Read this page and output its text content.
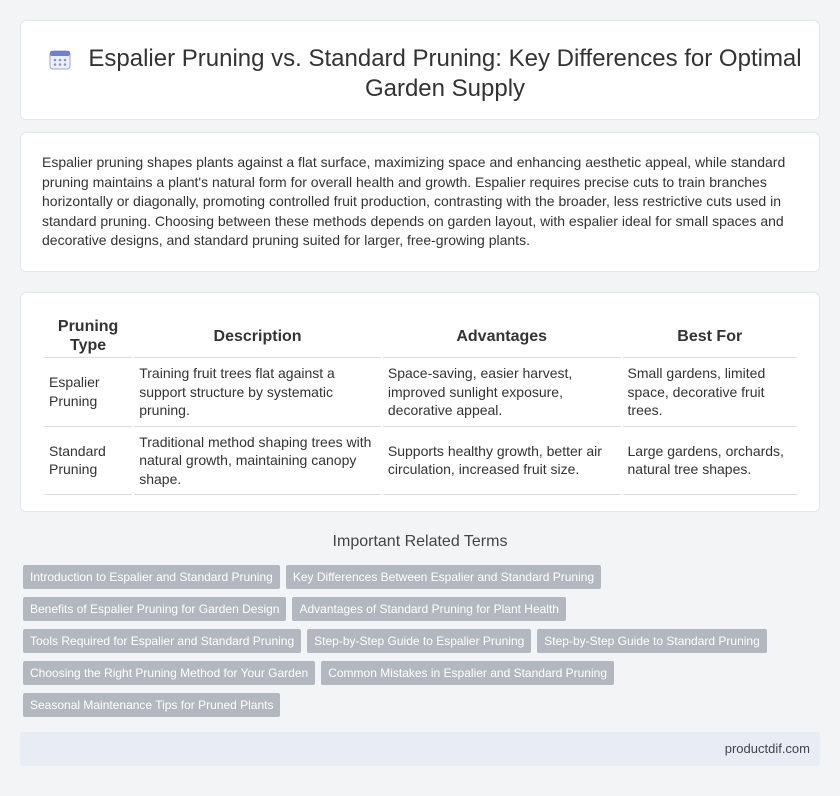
Espalier Pruning vs. Standard Pruning: Key Differences for Optimal Garden Supply

Espalier pruning shapes plants against a flat surface, maximizing space and enhancing aesthetic appeal, while standard pruning maintains a plant's natural form for overall health and growth. Espalier requires precise cuts to train branches horizontally or diagonally, promoting controlled fruit production, contrasting with the broader, less restrictive cuts used in standard pruning. Choosing between these methods depends on garden layout, with espalier ideal for small spaces and decorative designs, and standard pruning suited for larger, free-growing plants.

Pruning Type	Description	Advantages	Best For
Espalier Pruning	Training fruit trees flat against a support structure by systematic pruning.	Space-saving, easier harvest, improved sunlight exposure, decorative appeal.	Small gardens, limited space, decorative fruit trees.
Standard Pruning	Traditional method shaping trees with natural growth, maintaining canopy shape.	Supports healthy growth, better air circulation, increased fruit size.	Large gardens, orchards, natural tree shapes.
Important Related Terms
Introduction to Espalier and Standard Pruning	Key Differences Between Espalier and Standard Pruning
Benefits of Espalier Pruning for Garden Design	Advantages of Standard Pruning for Plant Health
Tools Required for Espalier and Standard Pruning	Step-by-Step Guide to Espalier Pruning	Step-by-Step Guide to Standard Pruning
Choosing the Right Pruning Method for Your Garden	Common Mistakes in Espalier and Standard Pruning
Seasonal Maintenance Tips for Pruned Plants
productdif.com
